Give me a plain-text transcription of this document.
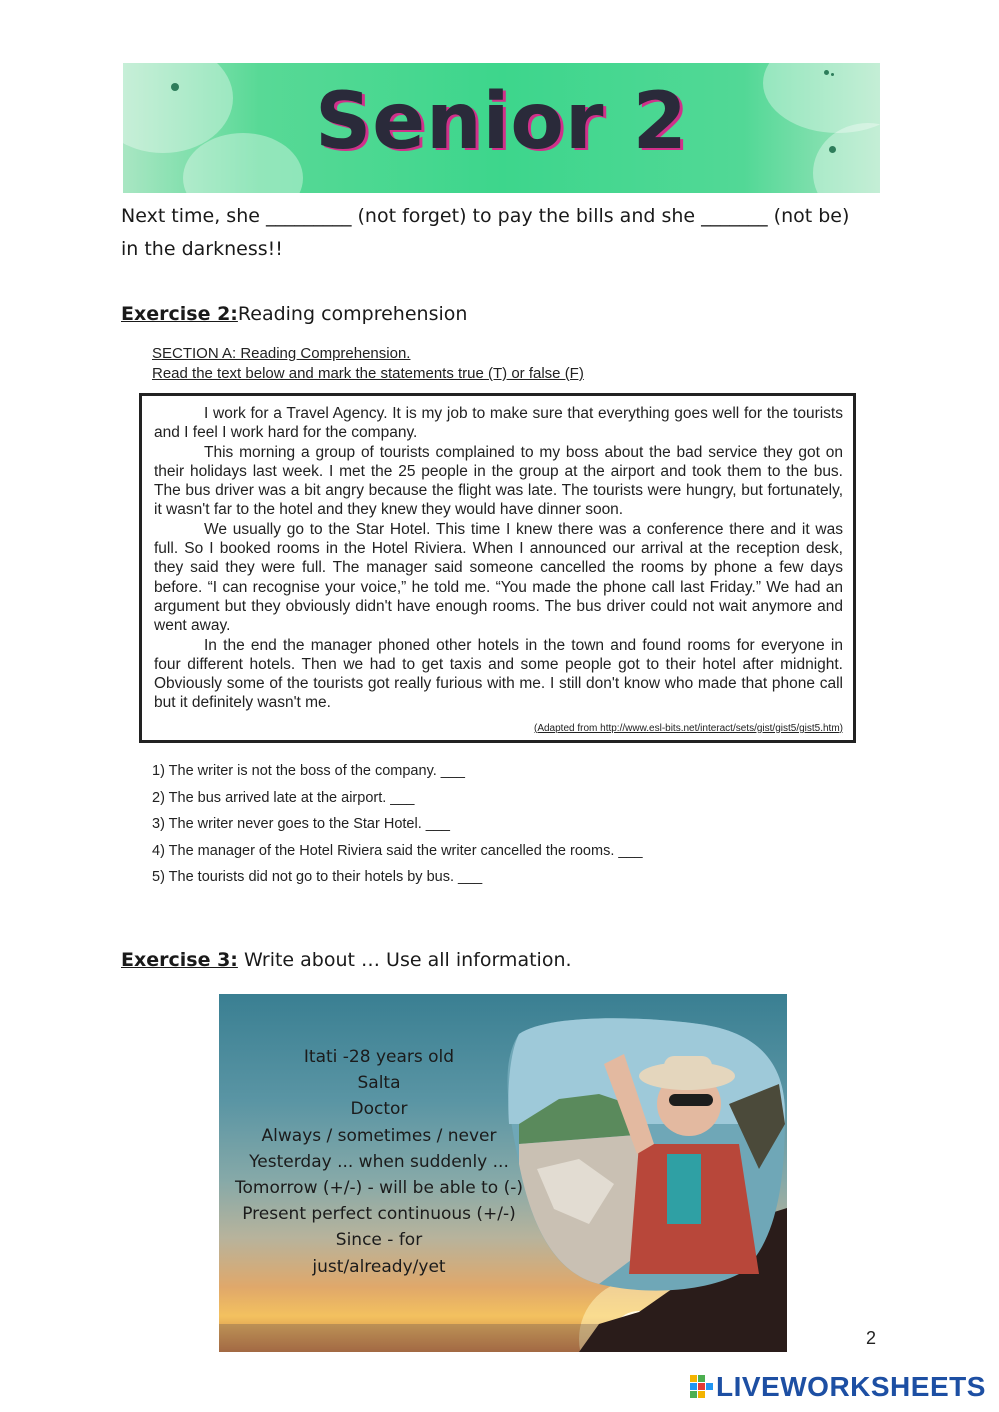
Senior 2
Next time, she _________ (not forget) to pay the bills and she _______ (not be)
in the darkness!!
Exercise 2:Reading comprehension
SECTION A: Reading Comprehension.
Read the text below and mark the statements true (T) or false (F)

I work for a Travel Agency. It is my job to make sure that everything goes well for the tourists and I feel I work hard for the company.

This morning a group of tourists complained to my boss about the bad service they got on their holidays last week. I met the 25 people in the group at the airport and took them to the bus. The bus driver was a bit angry because the flight was late. The tourists were hungry, but fortunately, it wasn't far to the hotel and they knew they would have dinner soon.

We usually go to the Star Hotel. This time I knew there was a conference there and it was full. So I booked rooms in the Hotel Riviera. When I announced our arrival at the reception desk, they said they were full. The manager said someone cancelled the rooms by phone a few days before. “I can recognise your voice,” he told me. “You made the phone call last Friday.” We had an argument but they obviously didn't have enough rooms. The bus driver could not wait anymore and went away.

In the end the manager phoned other hotels in the town and found rooms for everyone in four different hotels. Then we had to get taxis and some people got to their hotel after midnight. Obviously some of the tourists got really furious with me. I still don't know who made that phone call but it definitely wasn't me.

(Adapted from http://www.esl-bits.net/interact/sets/gist/gist5/gist5.htm)
1) The writer is not the boss of the company. ___
2) The bus arrived late at the airport. ___
3) The writer never goes to the Star Hotel. ___
4) The manager of the Hotel Riviera said the writer cancelled the rooms. ___
5) The tourists did not go to their hotels by bus. ___
Exercise 3: Write about … Use all information.
Itati -28 years old
Salta
Doctor
Always / sometimes / never
Yesterday ... when suddenly ...
Tomorrow (+/-) - will be able to (-)
Present perfect continuous (+/-)
Since - for
just/already/yet
2
LIVEWORKSHEETS
